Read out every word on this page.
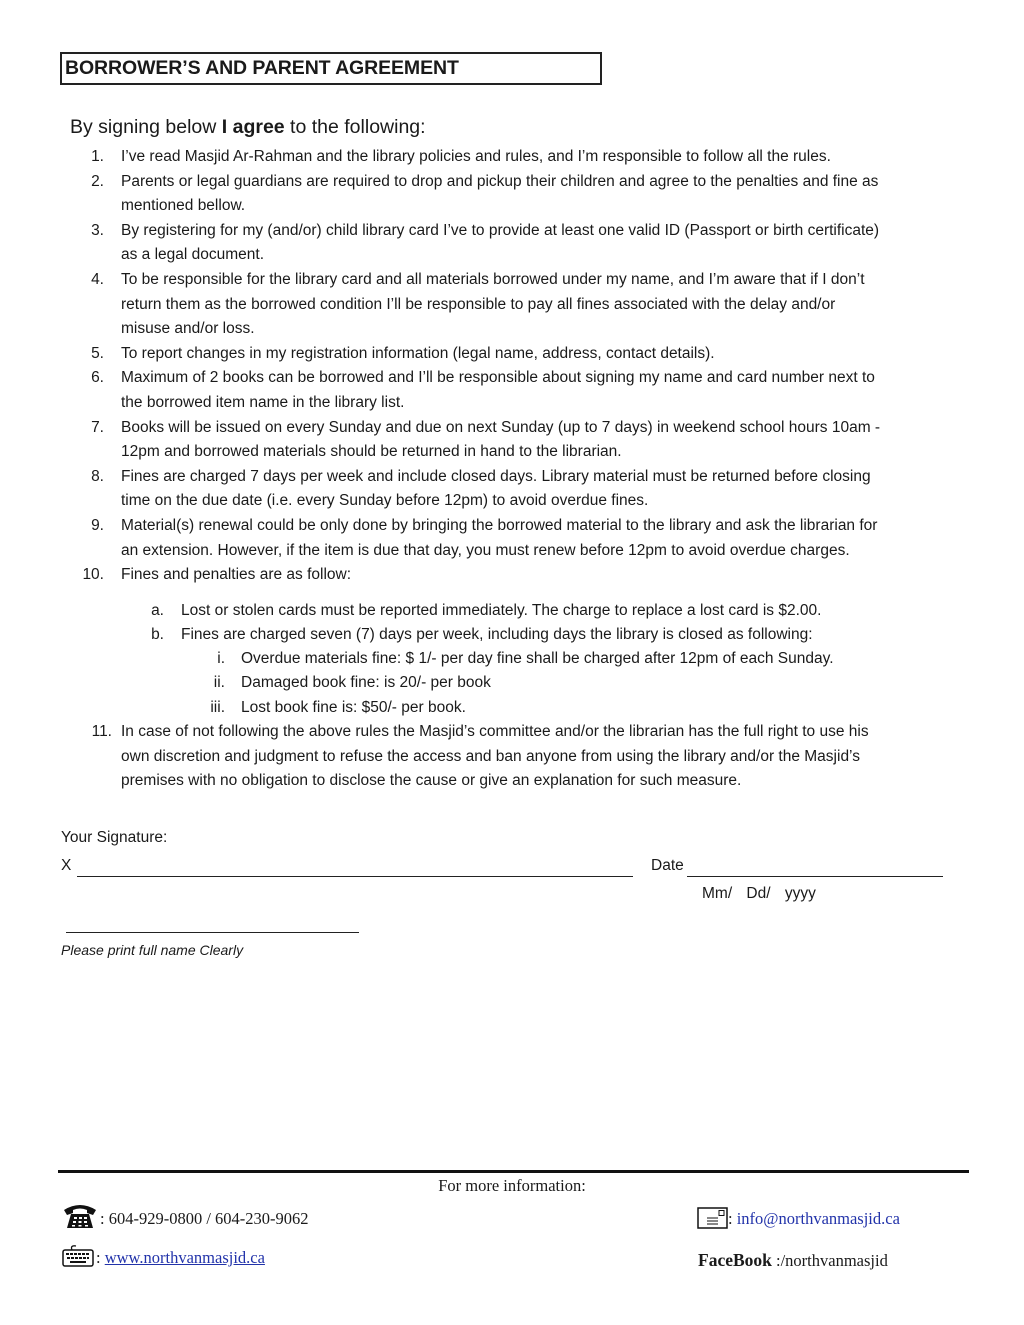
BORROWER’S AND PARENT AGREEMENT
By signing below I agree to the following:
1. I’ve read Masjid Ar-Rahman and the library policies and rules, and I’m responsible to follow all the rules.
2. Parents or legal guardians are required to drop and pickup their children and agree to the penalties and fine as
mentioned bellow.
3. By registering for my (and/or) child library card I’ve to provide at least one valid ID (Passport or birth certificate)
as a legal document.
4. To be responsible for the library card and all materials borrowed under my name, and I’m aware that if I don’t
return them as the borrowed condition I’ll be responsible to pay all fines associated with the delay and/or
misuse and/or loss.
5. To report changes in my registration information (legal name, address, contact details).
6. Maximum of 2 books can be borrowed and I’ll be responsible about signing my name and card number next to
the borrowed item name in the library list.
7. Books will be issued on every Sunday and due on next Sunday (up to 7 days) in weekend school hours 10am -
12pm and borrowed materials should be returned in hand to the librarian.
8. Fines are charged 7 days per week and include closed days. Library material must be returned before closing
time on the due date (i.e. every Sunday before 12pm) to avoid overdue fines.
9. Material(s) renewal could be only done by bringing the borrowed material to the library and ask the librarian for
an extension. However, if the item is due that day, you must renew before 12pm to avoid overdue charges.
10. Fines and penalties are as follow:
a. Lost or stolen cards must be reported immediately. The charge to replace a lost card is $2.00.
b. Fines are charged seven (7) days per week, including days the library is closed as following:
i. Overdue materials fine: $ 1/- per day fine shall be charged after 12pm of each Sunday.
ii. Damaged book fine: is 20/- per book
iii. Lost book fine is: $50/- per book.
11. In case of not following the above rules the Masjid’s committee and/or the librarian has the full right to use his
own discretion and judgment to refuse the access and ban anyone from using the library and/or the Masjid’s
premises with no obligation to disclose the cause or give an explanation for such measure.
Your Signature:
X	Date
Mm/ Dd/ yyyy
Please print full name Clearly
For more information:
: 604-929-0800 / 604-230-9062	: info@northvanmasjid.ca
: www.northvanmasjid.ca	FaceBook :/northvanmasjid
